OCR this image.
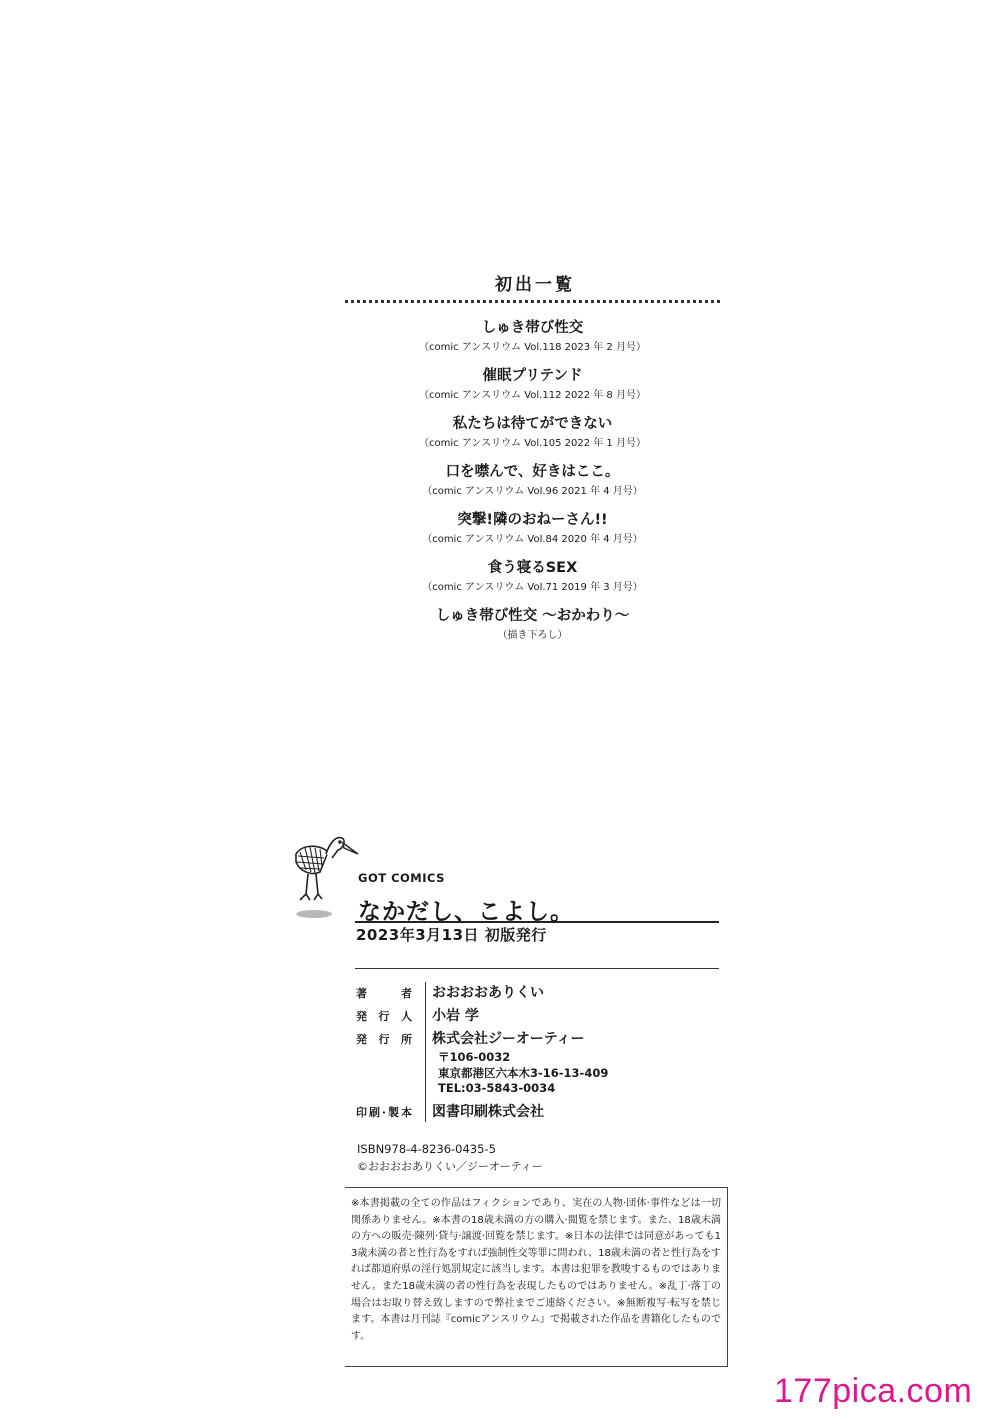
初出一覧
しゅき帯び性交
（comic アンスリウム Vol.118 2023 年 2 月号）
催眠プリテンド
（comic アンスリウム Vol.112 2022 年 8 月号）
私たちは待てができない
（comic アンスリウム Vol.105 2022 年 1 月号）
口を噤んで、好きはここ。
（comic アンスリウム Vol.96 2021 年 4 月号）
突撃!隣のおねーさん!!
（comic アンスリウム Vol.84 2020 年 4 月号）
食う寝るSEX
（comic アンスリウム Vol.71 2019 年 3 月号）
しゅき帯び性交 ～おかわり～
（描き下ろし）
GOT COMICS
なかだし、こよし。
2023年3月13日 初版発行
著者 おおおおありくい
発行人 小岩 学
発行所 株式会社ジーオーティー
〒106-0032
東京都港区六本木3-16-13-409
TEL:03-5843-0034
印刷·製本 図書印刷株式会社
ISBN978-4-8236-0435-5
©おおおおありくい／ジーオーティー
※本書掲載の全ての作品はフィクションであり、実在の人物·団体·事件などは一切関係ありません。※本書の18歳未満の方の購入·閲覧を禁じます。また、18歳未満の方への販売·陳列·貸与·譲渡·回覧を禁じます。※日本の法律では同意があっても13歳未満の者と性行為をすれば強制性交等罪に問われ、18歳未満の者と性行為をすれば都道府県の淫行処罰規定に該当します。本書は犯罪を教唆するものではありません。また18歳未満の者の性行為を表現したものではありません。※乱丁·落丁の場合はお取り替え致しますので弊社までご連絡ください。※無断複写·転写を禁じます。本書は月刊誌『comicアンスリウム』で掲載された作品を書籍化したものです。
177pica.com
